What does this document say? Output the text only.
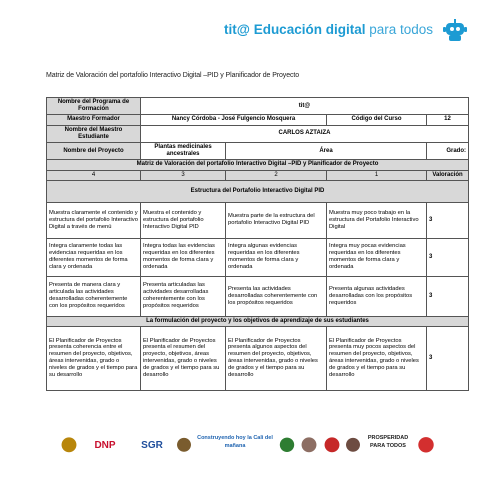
tit@ Educación digital para todos
Matriz de Valoración del portafolio Interactivo Digital –PID y Planificador de Proyecto
Nombre del Programa de Formación	tit@			
Maestro Formador	Nancy Córdoba - José Fulgencio Mosquera		Código del Curso	12
Nombre del Maestro Estudiante	CARLOS AZTAIZA			
Nombre del Proyecto	Plantas medicinales ancestrales	Área		Grado:
Matriz de Valoración del portafolio Interactivo Digital –PID y Planificador de Proyecto				
4	3	2	1	Valoración
Estructura del Portafolio Interactivo Digital PID				
Muestra claramente el contenido y estructura del portafolio Interactivo Digital a través de menú	Muestra el contenido y estructura del portafolio Interactivo Digital PID	Muestra parte de la estructura del portafolio Interactivo Digital PID	Muestra muy poco trabajo en la estructura del Portafolio Interactivo Digital	3
Integra claramente todas las evidencias requeridas en los diferentes momentos de forma clara y ordenada	Integra todas las evidencias requeridas en los diferentes momentos de forma clara y ordenada	Integra algunas evidencias requeridas en los diferentes momentos de forma clara y ordenada	Integra muy pocas evidencias requeridas en los diferentes momentos de forma clara y ordenada	3
Presenta de manera clara y articulada las actividades desarrolladas coherentemente con los propósitos requeridos	Presenta articuladas las actividades desarrolladas coherentemente con los propósitos requeridos	Presenta las actividades desarrolladas coherentemente con los propósitos requeridos	Presenta algunas actividades desarrolladas con los propósitos requeridos	3
La formulación del proyecto y los objetivos de aprendizaje de sus estudiantes				
El Planificador de Proyectos presenta coherencia entre el resumen del proyecto, objetivos, áreas intervenidas, grado o niveles de grados y el tiempo para su desarrollo	El Planificador de Proyectos presenta el resumen del proyecto, objetivos, áreas intervenidas, grado o niveles de grados y el tiempo para su desarrollo	El Planificador de Proyectos presenta algunos aspectos del resumen del proyecto, objetivos, áreas intervenidas, grado o niveles de grados y el tiempo para su desarrollo	El Planificador de Proyectos presenta muy pocos aspectos del resumen del proyecto, objetivos, áreas intervenidas, grado o niveles de grados y el tiempo para su desarrollo	3
DNP	SGR
Construyendo hoy la Cali del mañana
PROSPERIDAD PARA TODOS
